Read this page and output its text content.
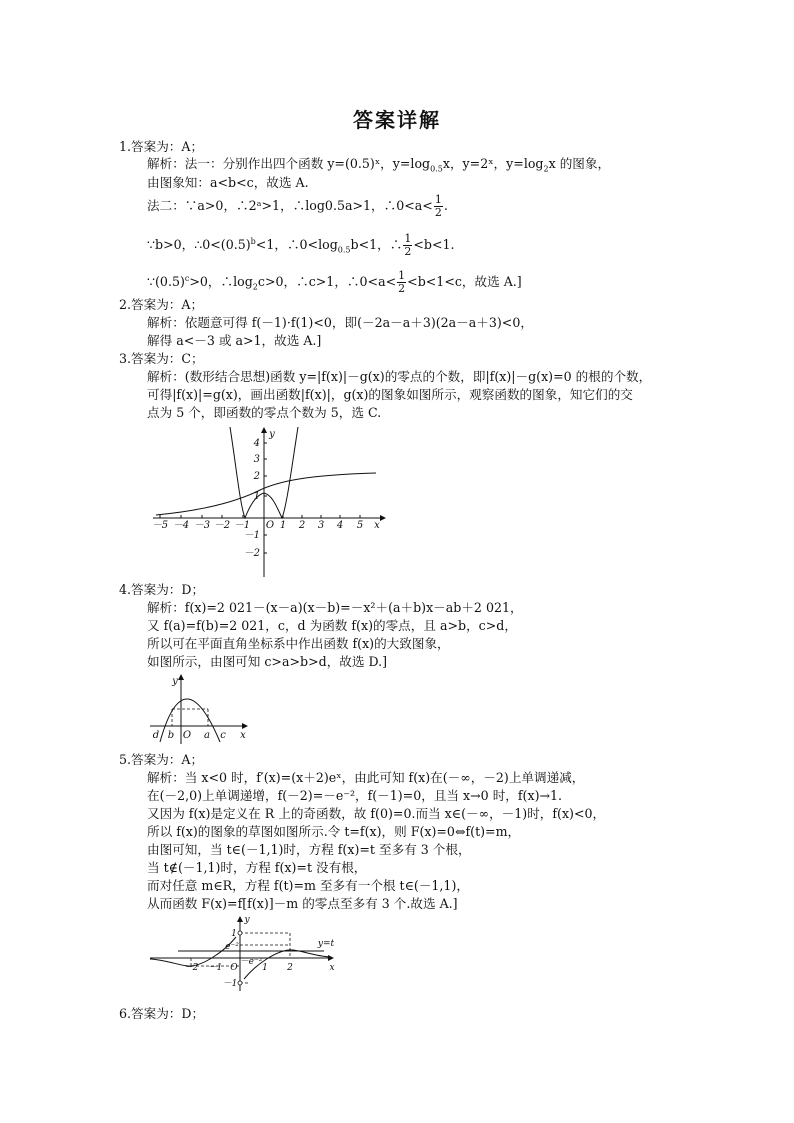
答案详解
1.答案为：A；
解析：法一：分别作出四个函数 y=(0.5)ˣ，$y=\log_{0.5}x$，y=2ˣ，$y=\log_2x$ 的图象，
由图象知：a<b<c，故选 A.
法二：∵a>0，∴2ᵃ>1，∴log0.5a>1，∴0<a< $\frac{1}{2}$ .
∵b>0，$\therefore 0<(0.5)^b<1$，$\therefore 0<\log_{0.5}b<1$，∴ $\frac{1}{2} <b<1$.
$\because(0.5)^c>0$，$\therefore\log_2c>0$，∴c>1，∴0<a< $\frac{1}{2} <b<1<c$，故选 A.]
2.答案为：A；
解析：依题意可得 f(－1)·f(1)<0，即(－2a－a＋3)(2a－a＋3)<0，
解得 a<－3 或 a>1，故选 A.]
3.答案为：C；
解析：(数形结合思想)函数 y=|f(x)|－g(x)的零点的个数，即|f(x)|－g(x)=0 的根的个数，
可得|f(x)|=g(x)，画出函数|f(x)|，g(x)的图象如图所示，观察函数的图象，知它们的交
点为 5 个，即函数的零点个数为 5，选 C.
－5 －4 －3 －2 －1 O 1 2 3 4 5 x
y
4
3
2
1
－1
－2
4.答案为：D；
解析：f(x)=2 021－(x－a)(x－b)=－x²＋(a＋b)x－ab＋2 021，
又 f(a)=f(b)=2 021，c，d 为函数 f(x)的零点，且 a>b，c>d，
所以可在平面直角坐标系中作出函数 f(x)的大致图象，
如图所示，由图可知 c>a>b>d，故选 D.]
d b O a c x
y
5.答案为：A；
解析：当 x<0 时，f′(x)=(x＋2)eˣ，由此可知 f(x)在(－∞，－2)上单调递减，
在(－2,0)上单调递增，f(－2)=－e⁻²，f(－1)=0，且当 x→0 时，f(x)→1.
又因为 f(x)是定义在 R 上的奇函数，故 f(0)=0.而当 x∈(－∞，－1)时，f(x)<0，
所以 f(x)的图象的草图如图所示.令 t=f(x)，则 F(x)=0⇔f(t)=m，
由图可知，当 t∈(－1,1)时，方程 f(x)=t 至多有 3 个根，
当 t∉(－1,1)时，方程 f(x)=t 没有根，
而对任意 m∈R，方程 f(t)=m 至多有一个根 t∈(－1,1)，
从而函数 F(x)=f[f(x)]－m 的零点至多有 3 个.故选 A.]
－2 －1 O	1 2
1
－1
e⁻²
－e⁻²
y=t
x
y
6.答案为：D；
